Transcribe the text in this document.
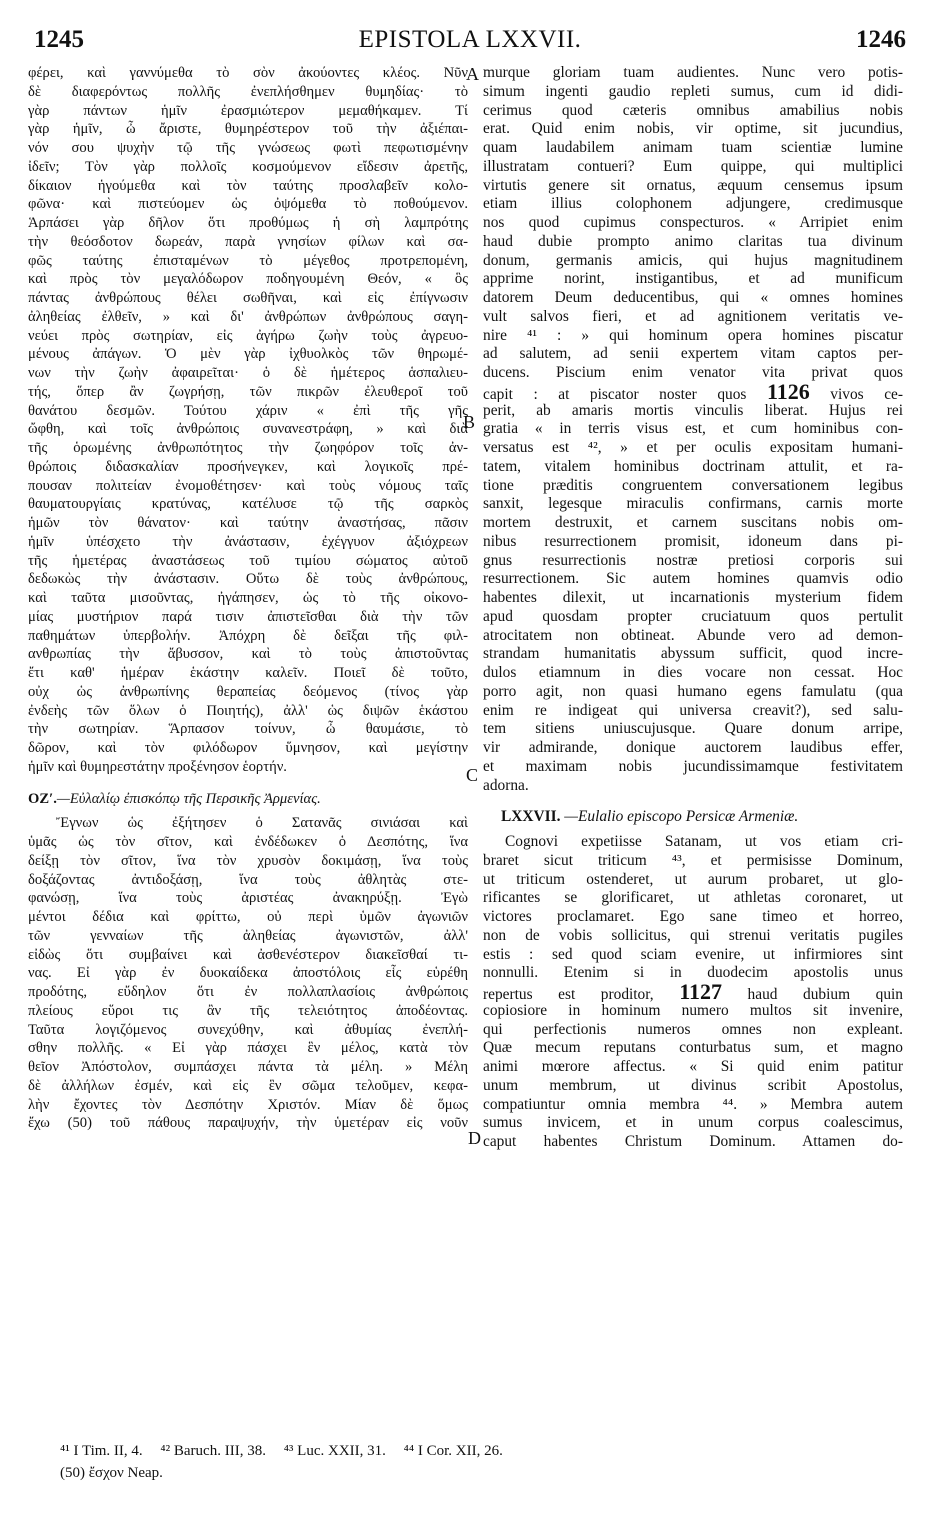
1245	EPISTOLA LXXVII.	1246
A
B
C
D
φέρει, καὶ γαννύμεθα τὸ σὸν ἀκούοντες κλέος. Νῦν
δὲ διαφερόντως πολλῆς ἐνεπλήσθημεν θυμηδίας· τὸ
γὰρ πάντων ἡμῖν ἐρασμιώτερον μεμαθήκαμεν. Τί
γὰρ ἡμῖν, ὦ ἄριστε, θυμηρέστερον τοῦ τὴν ἀξιέπαι-
νόν σου ψυχὴν τῷ τῆς γνώσεως φωτὶ πεφωτισμένην
ἰδεῖν; Τὸν γὰρ πολλοῖς κοσμούμενον εἴδεσιν ἀρετῆς,
δίκαιον ἡγούμεθα καὶ τὸν ταύτης προσλαβεῖν κολο-
φῶνα· καὶ πιστεύομεν ὡς ὀψόμεθα τὸ ποθούμενον.
Ἁρπάσει γὰρ δῆλον ὅτι προθύμως ἡ σὴ λαμπρότης
τὴν θεόσδοτον δωρεάν, παρὰ γνησίων φίλων καὶ σα-
φῶς ταύτης ἐπισταμένων τὸ μέγεθος προτρεπομένη,
καὶ πρὸς τὸν μεγαλόδωρον ποδηγουμένη Θεόν, « ὃς
πάντας ἀνθρώπους θέλει σωθῆναι, καὶ εἰς ἐπίγνωσιν
ἀληθείας ἐλθεῖν, » καὶ δι' ἀνθρώπων ἀνθρώπους σαγη-
νεύει πρὸς σωτηρίαν, εἰς ἀγήρω ζωὴν τοὺς ἀγρευο-
μένους ἀπάγων. Ὁ μὲν γὰρ ἰχθυολκὸς τῶν θηρωμέ-
νων τὴν ζωὴν ἀφαιρεῖται· ὁ δὲ ἡμέτερος ἁσπαλιευ-
τής, ὅπερ ἂν ζωγρήσῃ, τῶν πικρῶν ἐλευθεροῖ τοῦ
θανάτου δεσμῶν. Τούτου χάριν « ἐπὶ τῆς γῆς
ὤφθη, καὶ τοῖς ἀνθρώποις συνανεστράφη, » καὶ διὰ
τῆς ὁρωμένης ἀνθρωπότητος τὴν ζωηφόρον τοῖς ἀν-
θρώποις διδασκαλίαν προσήνεγκεν, καὶ λογικοῖς πρέ-
πουσαν πολιτείαν ἐνομοθέτησεν· καὶ τοὺς νόμους ταῖς
θαυματουργίαις κρατύνας, κατέλυσε τῷ τῆς σαρκὸς
ἡμῶν τὸν θάνατον· καὶ ταύτην ἀναστήσας, πᾶσιν
ἡμῖν ὑπέσχετο τὴν ἀνάστασιν, ἐχέγγυον ἀξιόχρεων
τῆς ἡμετέρας ἀναστάσεως τοῦ τιμίου σώματος αὐτοῦ
δεδωκὼς τὴν ἀνάστασιν. Οὕτω δὲ τοὺς ἀνθρώπους,
καὶ ταῦτα μισοῦντας, ἠγάπησεν, ὡς τὸ τῆς οἰκονο-
μίας μυστήριον παρά τισιν ἀπιστεῖσθαι διὰ τὴν τῶν
παθημάτων ὑπερβολήν. Ἀπόχρη δὲ δεῖξαι τῆς φιλ-
ανθρωπίας τὴν ἄβυσσον, καὶ τὸ τοὺς ἀπιστοῦντας
ἔτι καθ' ἡμέραν ἑκάστην καλεῖν. Ποιεῖ δὲ τοῦτο,
οὐχ ὡς ἀνθρωπίνης θεραπείας δεόμενος (τίνος γὰρ
ἐνδεὴς τῶν ὅλων ὁ Ποιητής), ἀλλ' ὡς διψῶν ἑκάστου
τὴν σωτηρίαν. Ἅρπασον τοίνυν, ὦ θαυμάσιε, τὸ
δῶρον, καὶ τὸν φιλόδωρον ὕμνησον, καὶ μεγίστην
ἡμῖν καὶ θυμηρεστάτην προξένησον ἑορτήν.
ΟΖʹ.—Εὐλαλίῳ ἐπισκόπῳ τῆς Περσικῆς Ἀρμενίας.
Ἔγνων ὡς ἐξήτησεν ὁ Σατανᾶς σινιάσαι καὶ
ὑμᾶς ὡς τὸν σῖτον, καὶ ἐνδέδωκεν ὁ Δεσπότης, ἵνα
δείξῃ τὸν σῖτον, ἵνα τὸν χρυσὸν δοκιμάσῃ, ἵνα τοὺς
δοξάζοντας ἀντιδοξάσῃ, ἵνα τοὺς ἀθλητὰς στε-
φανώσῃ, ἵνα τοὺς ἀριστέας ἀνακηρύξῃ. Ἐγὼ
μέντοι δέδια καὶ φρίττω, οὐ περὶ ὑμῶν ἀγωνιῶν
τῶν γενναίων τῆς ἀληθείας ἀγωνιστῶν, ἀλλ'
εἰδὼς ὅτι συμβαίνει καὶ ἀσθενέστερον διακεῖσθαί τι-
νας. Εἰ γὰρ ἐν δυοκαίδεκα ἀποστόλοις εἷς εὑρέθη
προδότης, εὔδηλον ὅτι ἐν πολλαπλασίοις ἀνθρώποις
πλείους εὕροι τις ἂν τῆς τελειότητος ἀποδέοντας.
Ταῦτα λογιζόμενος συνεχύθην, καὶ ἀθυμίας ἐνεπλή-
σθην πολλῆς. « Εἰ γὰρ πάσχει ἓν μέλος, κατὰ τὸν
θεῖον Ἀπόστολον, συμπάσχει πάντα τὰ μέλη. » Μέλη
δὲ ἀλλήλων ἐσμέν, καὶ εἰς ἓν σῶμα τελοῦμεν, κεφα-
λὴν ἔχοντες τὸν Δεσπότην Χριστόν. Μίαν δὲ ὅμως
ἔχω (50) τοῦ πάθους παραψυχήν, τὴν ὑμετέραν εἰς νοῦν
murque gloriam tuam audientes. Nunc vero potis-
simum ingenti gaudio repleti sumus, cum id didi-
cerimus quod cæteris omnibus amabilius nobis
erat. Quid enim nobis, vir optime, sit jucundius,
quam laudabilem animam tuam scientiæ lumine
illustratam contueri? Eum quippe, qui multiplici
virtutis genere sit ornatus, æquum censemus ipsum
etiam illius colophonem adjungere, credimusque
nos quod cupimus conspecturos. « Arripiet enim
haud dubie prompto animo claritas tua divinum
donum, germanis amicis, qui hujus magnitudinem
apprime norint, instigantibus, et ad munificum
datorem Deum deducentibus, qui « omnes homines
vult salvos fieri, et ad agnitionem veritatis ve-
nire ⁴¹ : » qui hominum opera homines piscatur
ad salutem, ad senii expertem vitam captos per-
ducens. Piscium enim venator vita privat quos
capit : at piscator noster quos 1126 vivos ce-
perit, ab amaris mortis vinculis liberat. Hujus rei
gratia « in terris visus est, et cum hominibus con-
versatus est ⁴², » et per oculis expositam humani-
tatem, vitalem hominibus doctrinam attulit, et ra-
tione præditis congruentem conversationem legibus
sanxit, legesque miraculis confirmans, carnis morte
mortem destruxit, et carnem suscitans nobis om-
nibus resurrectionem promisit, idoneum dans pi-
gnus resurrectionis nostræ pretiosi corporis sui
resurrectionem. Sic autem homines quamvis odio
habentes dilexit, ut incarnationis mysterium fidem
apud quosdam propter cruciatuum quos pertulit
atrocitatem non obtineat. Abunde vero ad demon-
strandam humanitatis abyssum sufficit, quod incre-
dulos etiamnum in dies vocare non cessat. Hoc
porro agit, non quasi humano egens famulatu (qua
enim re indigeat qui universa creavit?), sed salu-
tem sitiens uniuscujusque. Quare donum arripe,
vir admirande, donique auctorem laudibus effer,
et maximam nobis jucundissimamque festivitatem
adorna.
LXXVII. —Eulalio episcopo Persicæ Armeniæ.
Cognovi expetiisse Satanam, ut vos etiam cri-
braret sicut triticum ⁴³, et permisisse Dominum,
ut triticum ostenderet, ut aurum probaret, ut glo-
rificantes se glorificaret, ut athletas coronaret, ut
victores proclamaret. Ego sane timeo et horreo,
non de vobis sollicitus, qui strenui veritatis pugiles
estis : sed quod sciam evenire, ut infirmiores sint
nonnulli. Etenim si in duodecim apostolis unus
repertus est proditor, 1127 haud dubium quin
copiosiore in hominum numero multos sit invenire,
qui perfectionis numeros omnes non expleant.
Quæ mecum reputans conturbatus sum, et magno
animi mœrore affectus. « Si quid enim patitur
unum membrum, ut divinus scribit Apostolus,
compatiuntur omnia membra ⁴⁴. » Membra autem
sumus invicem, et in unum corpus coalescimus,
caput habentes Christum Dominum. Attamen do-
⁴¹ I Tim. II, 4. ⁴² Baruch. III, 38. ⁴³ Luc. XXII, 31. ⁴⁴ I Cor. XII, 26.
(50) ἔσχον Neap.
